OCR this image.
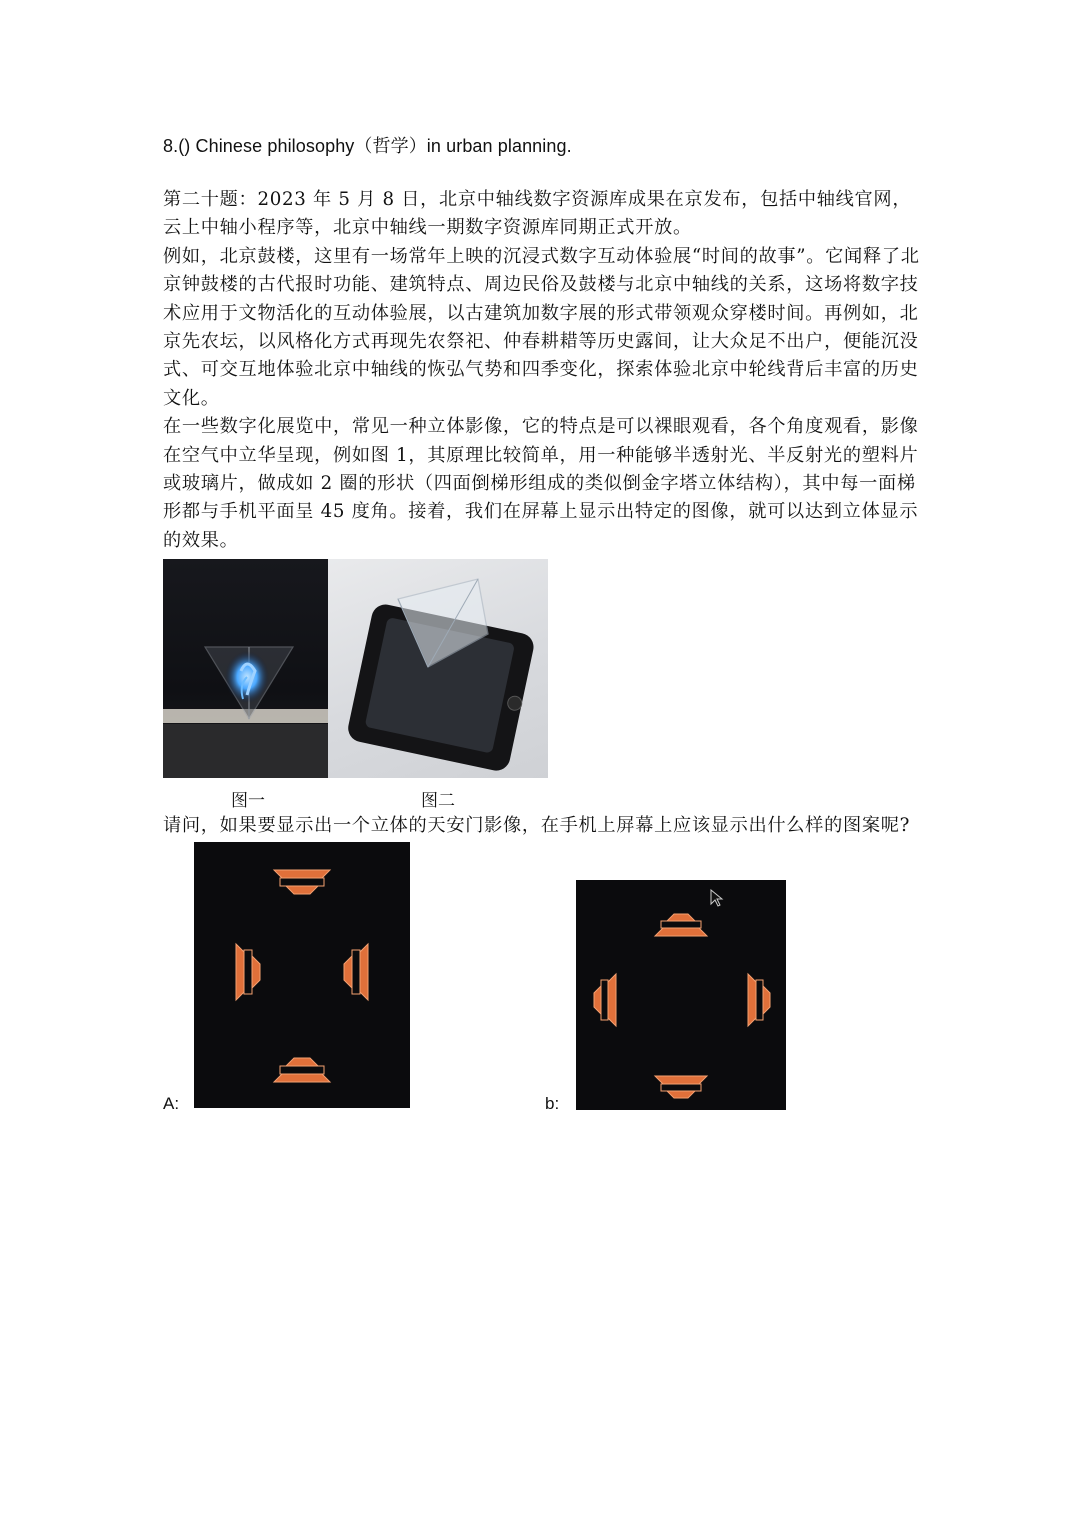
8.() Chinese philosophy（哲学）in urban planning.

第二十题：2023 年 5 月 8 日，北京中轴线数字资源库成果在京发布，包括中轴线官网，云上中轴小程序等，北京中轴线一期数字资源库同期正式开放。

例如，北京鼓楼，这里有一场常年上映的沉浸式数字互动体验展“时间的故事”。它闻释了北京钟鼓楼的古代报时功能、建筑特点、周边民俗及鼓楼与北京中轴线的关系，这场将数字技术应用于文物活化的互动体验展，以古建筑加数字展的形式带领观众穿楼时间。再例如，北京先农坛，以风格化方式再现先农祭祀、仲春耕耤等历史露间，让大众足不出户，便能沉没式、可交互地体验北京中轴线的恢弘气势和四季变化，探索体验北京中轮线背后丰富的历史文化。

在一些数字化展览中，常见一种立体影像，它的特点是可以裸眼观看，各个角度观看，影像在空气中立华呈现，例如图 1，其原理比较简单，用一种能够半透射光、半反射光的塑料片或玻璃片，做成如 2 圈的形状（四面倒梯形组成的类似倒金字塔立体结构），其中每一面梯形都与手机平面呈 45 度角。接着，我们在屏幕上显示出特定的图像，就可以达到立体显示的效果。

图一	图二
请问，如果要显示出一个立体的天安门影像，在手机上屏幕上应该显示出什么样的图案呢?
A:	b:
